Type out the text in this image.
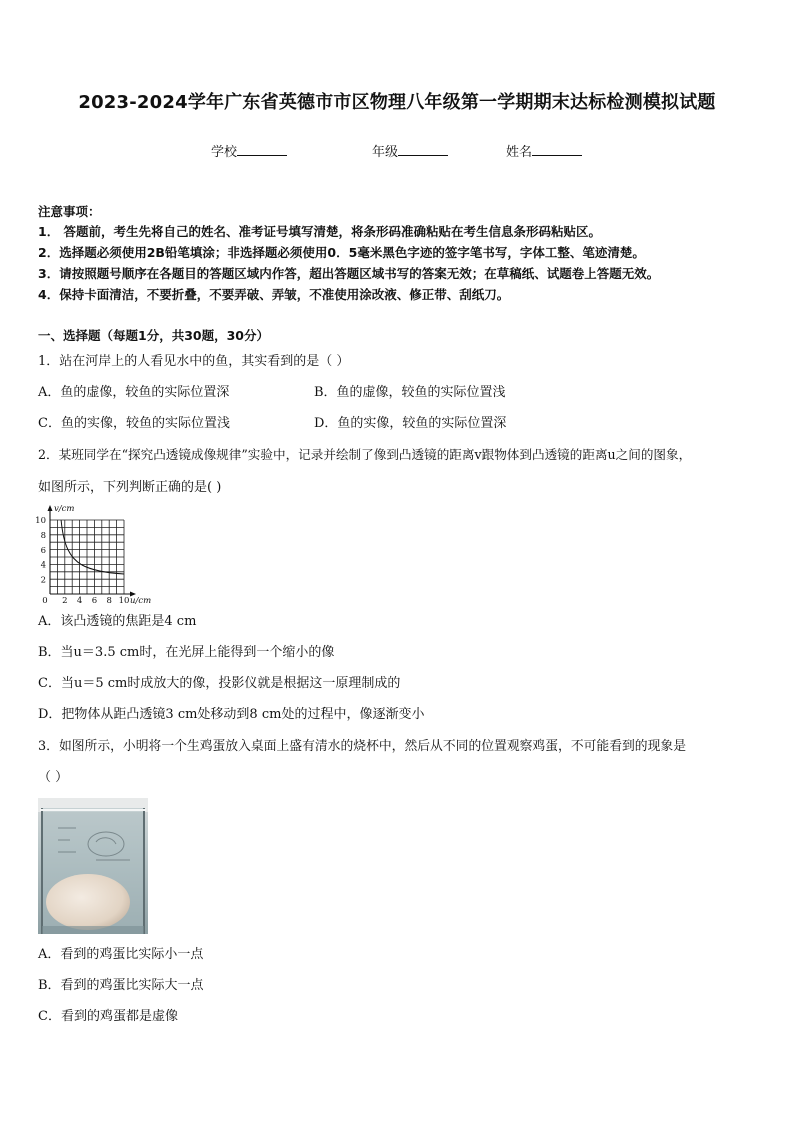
2023-2024学年广东省英德市市区物理八年级第一学期期末达标检测模拟试题
学校	年级	姓名
注意事项：
1． 答题前，考生先将自己的姓名、准考证号填写清楚，将条形码准确粘贴在考生信息条形码粘贴区。
2．选择题必须使用2B铅笔填涂；非选择题必须使用0．5毫米黑色字迹的签字笔书写，字体工整、笔迹清楚。
3．请按照题号顺序在各题目的答题区域内作答，超出答题区域书写的答案无效；在草稿纸、试题卷上答题无效。
4．保持卡面清洁，不要折叠，不要弄破、弄皱，不准使用涂改液、修正带、刮纸刀。
一、选择题（每题1分，共30题，30分）
1．站在河岸上的人看见水中的鱼，其实看到的是（ ）
A．鱼的虚像，较鱼的实际位置深	B．鱼的虚像，较鱼的实际位置浅
C．鱼的实像，较鱼的实际位置浅	D．鱼的实像，较鱼的实际位置深
2．某班同学在“探究凸透镜成像规律”实验中，记录并绘制了像到凸透镜的距离v跟物体到凸透镜的距离u之间的图象，
如图所示，下列判断正确的是( )
v/cm
u/cm
10
8
6
4
2
0 2 4 6 8 10
A．该凸透镜的焦距是4 cm
B．当u＝3.5 cm时，在光屏上能得到一个缩小的像
C．当u＝5 cm时成放大的像，投影仪就是根据这一原理制成的
D．把物体从距凸透镜3 cm处移动到8 cm处的过程中，像逐渐变小
3．如图所示，小明将一个生鸡蛋放入桌面上盛有清水的烧杯中，然后从不同的位置观察鸡蛋，不可能看到的现象是
（ ）
A．看到的鸡蛋比实际小一点
B．看到的鸡蛋比实际大一点
C．看到的鸡蛋都是虚像
